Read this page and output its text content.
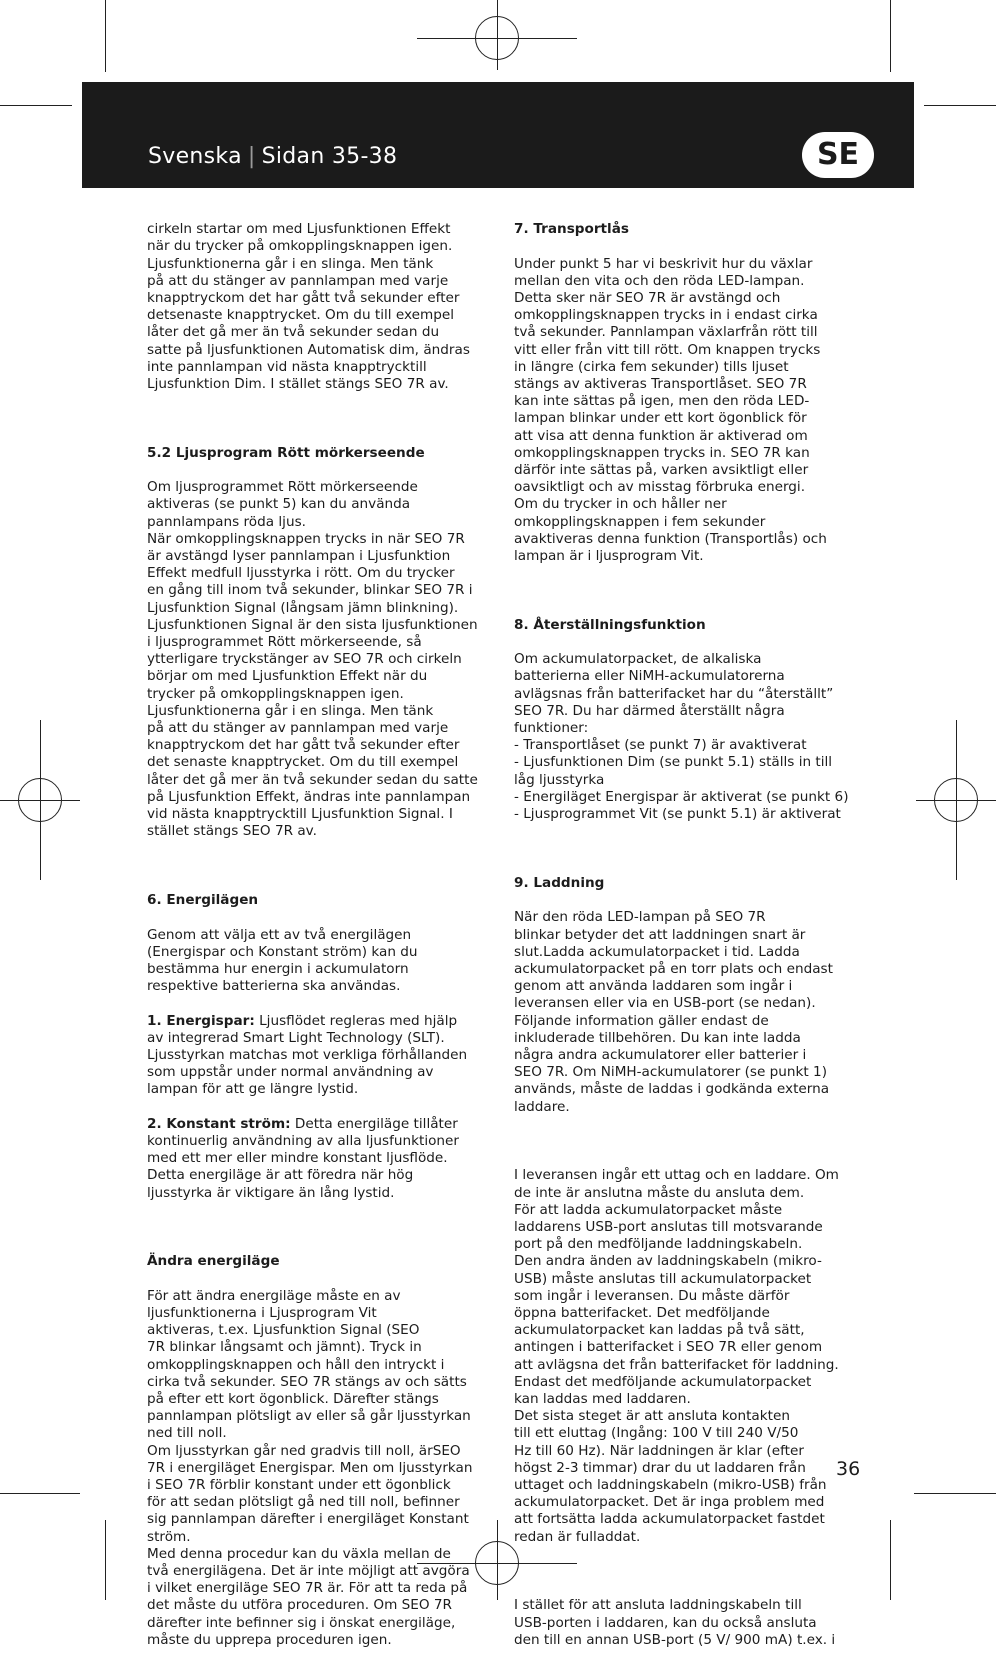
Svenska | Sidan 35-38	SE

cirkeln startar om med Ljusfunktionen Effekt
när du trycker på omkopplingsknappen igen.
Ljusfunktionerna går i en slinga. Men tänk
på att du stänger av pannlampan med varje
knapptryckom det har gått två sekunder efter
detsenaste knapptrycket. Om du till exempel
låter det gå mer än två sekunder sedan du
satte på ljusfunktionen Automatisk dim, ändras
inte pannlampan vid nästa knapptrycktill
Ljusfunktion Dim. I stället stängs SEO 7R av.

5.2 Ljusprogram Rött mörkerseende

Om ljusprogrammet Rött mörkerseende
aktiveras (se punkt 5) kan du använda
pannlampans röda ljus.
När omkopplingsknappen trycks in när SEO 7R
är avstängd lyser pannlampan i Ljusfunktion
Effekt medfull ljusstyrka i rött. Om du trycker
en gång till inom två sekunder, blinkar SEO 7R i
Ljusfunktion Signal (långsam jämn blinkning).
Ljusfunktionen Signal är den sista ljusfunktionen
i ljusprogrammet Rött mörkerseende, så
ytterligare tryckstänger av SEO 7R och cirkeln
börjar om med Ljusfunktion Effekt när du
trycker på omkopplingsknappen igen.
Ljusfunktionerna går i en slinga. Men tänk
på att du stänger av pannlampan med varje
knapptryckom det har gått två sekunder efter
det senaste knapptrycket. Om du till exempel
låter det gå mer än två sekunder sedan du satte
på Ljusfunktion Effekt, ändras inte pannlampan
vid nästa knapptrycktill Ljusfunktion Signal. I
stället stängs SEO 7R av.

6. Energilägen

Genom att välja ett av två energilägen
(Energispar och Konstant ström) kan du
bestämma hur energin i ackumulatorn
respektive batterierna ska användas.

1. Energispar: Ljusflödet regleras med hjälp
av integrerad Smart Light Technology (SLT).
Ljusstyrkan matchas mot verkliga förhållanden
som uppstår under normal användning av
lampan för att ge längre lystid.

2. Konstant ström: Detta energiläge tillåter
kontinuerlig användning av alla ljusfunktioner
med ett mer eller mindre konstant ljusflöde.
Detta energiläge är att föredra när hög
ljusstyrka är viktigare än lång lystid.

Ändra energiläge

För att ändra energiläge måste en av
ljusfunktionerna i Ljusprogram Vit
aktiveras, t.ex. Ljusfunktion Signal (SEO
7R blinkar långsamt och jämnt). Tryck in
omkopplingsknappen och håll den intryckt i
cirka två sekunder. SEO 7R stängs av och sätts
på efter ett kort ögonblick. Därefter stängs
pannlampan plötsligt av eller så går ljusstyrkan
ned till noll.
Om ljusstyrkan går ned gradvis till noll, ärSEO
7R i energiläget Energispar. Men om ljusstyrkan
i SEO 7R förblir konstant under ett ögonblick
för att sedan plötsligt gå ned till noll, befinner
sig pannlampan därefter i energiläget Konstant
ström.
Med denna procedur kan du växla mellan de
två energilägena. Det är inte möjligt att avgöra
i vilket energiläge SEO 7R är. För att ta reda på
det måste du utföra proceduren. Om SEO 7R
därefter inte befinner sig i önskat energiläge,
måste du upprepa proceduren igen.

7. Transportlås

Under punkt 5 har vi beskrivit hur du växlar
mellan den vita och den röda LED-lampan.
Detta sker när SEO 7R är avstängd och
omkopplingsknappen trycks in i endast cirka
två sekunder. Pannlampan växlarfrån rött till
vitt eller från vitt till rött. Om knappen trycks
in längre (cirka fem sekunder) tills ljuset
stängs av aktiveras Transportlåset. SEO 7R
kan inte sättas på igen, men den röda LED-
lampan blinkar under ett kort ögonblick för
att visa att denna funktion är aktiverad om
omkopplingsknappen trycks in. SEO 7R kan
därför inte sättas på, varken avsiktligt eller
oavsiktligt och av misstag förbruka energi.
Om du trycker in och håller ner
omkopplingsknappen i fem sekunder
avaktiveras denna funktion (Transportlås) och
lampan är i ljusprogram Vit.

8. Återställningsfunktion

Om ackumulatorpacket, de alkaliska
batterierna eller NiMH-ackumulatorerna
avlägsnas från batterifacket har du “återställt”
SEO 7R. Du har därmed återställt några
funktioner:
- Transportlåset (se punkt 7) är avaktiverat
- Ljusfunktionen Dim (se punkt 5.1) ställs in till
låg ljusstyrka
- Energiläget Energispar är aktiverat (se punkt 6)
- Ljusprogrammet Vit (se punkt 5.1) är aktiverat

9. Laddning

När den röda LED-lampan på SEO 7R
blinkar betyder det att laddningen snart är
slut.Ladda ackumulatorpacket i tid. Ladda
ackumulatorpacket på en torr plats och endast
genom att använda laddaren som ingår i
leveransen eller via en USB-port (se nedan).
Följande information gäller endast de
inkluderade tillbehören. Du kan inte ladda
några andra ackumulatorer eller batterier i
SEO 7R. Om NiMH-ackumulatorer (se punkt 1)
används, måste de laddas i godkända externa
laddare.

I leveransen ingår ett uttag och en laddare. Om
de inte är anslutna måste du ansluta dem.
För att ladda ackumulatorpacket måste
laddarens USB-port anslutas till motsvarande
port på den medföljande laddningskabeln.
Den andra änden av laddningskabeln (mikro-
USB) måste anslutas till ackumulatorpacket
som ingår i leveransen. Du måste därför
öppna batterifacket. Det medföljande
ackumulatorpacket kan laddas på två sätt,
antingen i batterifacket i SEO 7R eller genom
att avlägsna det från batterifacket för laddning.
Endast det medföljande ackumulatorpacket
kan laddas med laddaren.
Det sista steget är att ansluta kontakten
till ett eluttag (Ingång: 100 V till 240 V/50
Hz till 60 Hz). När laddningen är klar (efter
högst 2-3 timmar) drar du ut laddaren från
uttaget och laddningskabeln (mikro-USB) från
ackumulatorpacket. Det är inga problem med
att fortsätta ladda ackumulatorpacket fastdet
redan är fulladdat.

I stället för att ansluta laddningskabeln till
USB-porten i laddaren, kan du också ansluta
den till en annan USB-port (5 V/ 900 mA) t.ex. i

36
